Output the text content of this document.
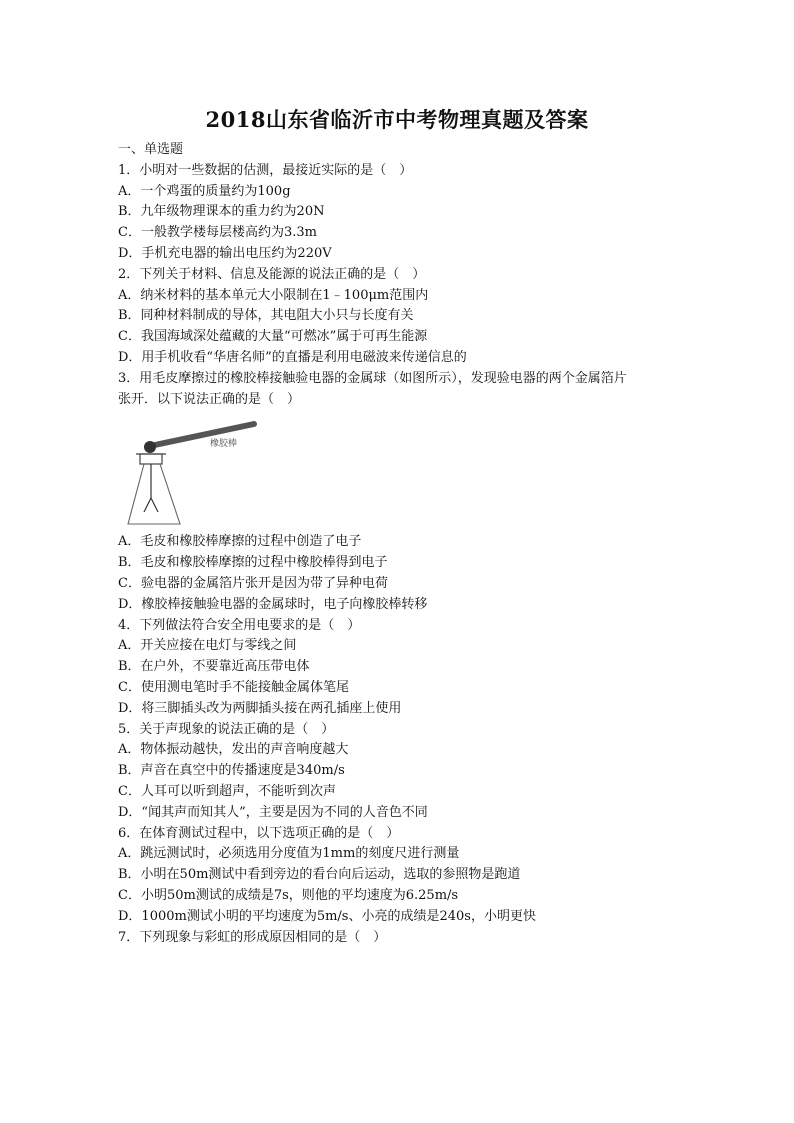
2018山东省临沂市中考物理真题及答案
一、单选题
1．小明对一些数据的估测，最接近实际的是（　）
A．一个鸡蛋的质量约为100g
B．九年级物理课本的重力约为20N
C．一般教学楼每层楼高约为3.3m
D．手机充电器的输出电压约为220V
2．下列关于材料、信息及能源的说法正确的是（　）
A．纳米材料的基本单元大小限制在1﹣100μm范围内
B．同种材料制成的导体，其电阻大小只与长度有关
C．我国海域深处蕴藏的大量“可燃冰”属于可再生能源
D．用手机收看“华唐名师”的直播是利用电磁波来传递信息的
3．用毛皮摩擦过的橡胶棒接触验电器的金属球（如图所示），发现验电器的两个金属箔片
张开．以下说法正确的是（　）
橡胶棒
A．毛皮和橡胶棒摩擦的过程中创造了电子
B．毛皮和橡胶棒摩擦的过程中橡胶棒得到电子
C．验电器的金属箔片张开是因为带了异种电荷
D．橡胶棒接触验电器的金属球时，电子向橡胶棒转移
4．下列做法符合安全用电要求的是（　）
A．开关应接在电灯与零线之间
B．在户外，不要靠近高压带电体
C．使用测电笔时手不能接触金属体笔尾
D．将三脚插头改为两脚插头接在两孔插座上使用
5．关于声现象的说法正确的是（　）
A．物体振动越快，发出的声音响度越大
B．声音在真空中的传播速度是340m/s
C．人耳可以听到超声，不能听到次声
D．“闻其声而知其人”，主要是因为不同的人音色不同
6．在体育测试过程中，以下选项正确的是（　）
A．跳远测试时，必须选用分度值为1mm的刻度尺进行测量
B．小明在50m测试中看到旁边的看台向后运动，选取的参照物是跑道
C．小明50m测试的成绩是7s，则他的平均速度为6.25m/s
D．1000m测试小明的平均速度为5m/s、小亮的成绩是240s，小明更快
7．下列现象与彩虹的形成原因相同的是（　）
